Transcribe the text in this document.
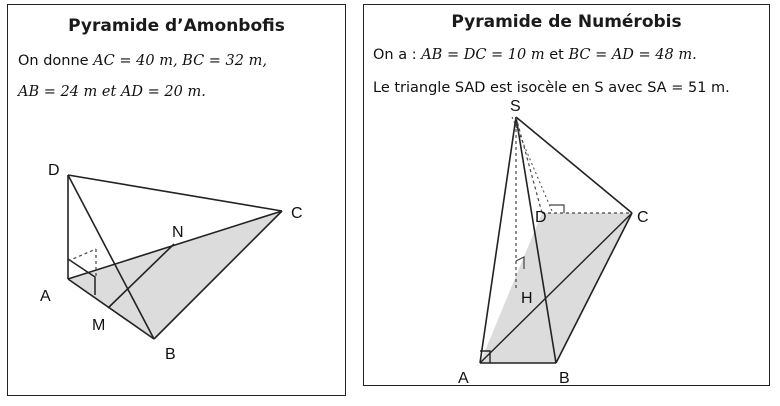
Pyramide d’Amonbofis
On donne AC = 40 m, BC = 32 m,
AB = 24 m et AD = 20 m.
D
C
N
A
M
B
Pyramide de Numérobis
On a : AB = DC = 10 m et BC = AD = 48 m.
Le triangle SAD est isocèle en S avec SA = 51 m.
S
D	C
H
A	B
